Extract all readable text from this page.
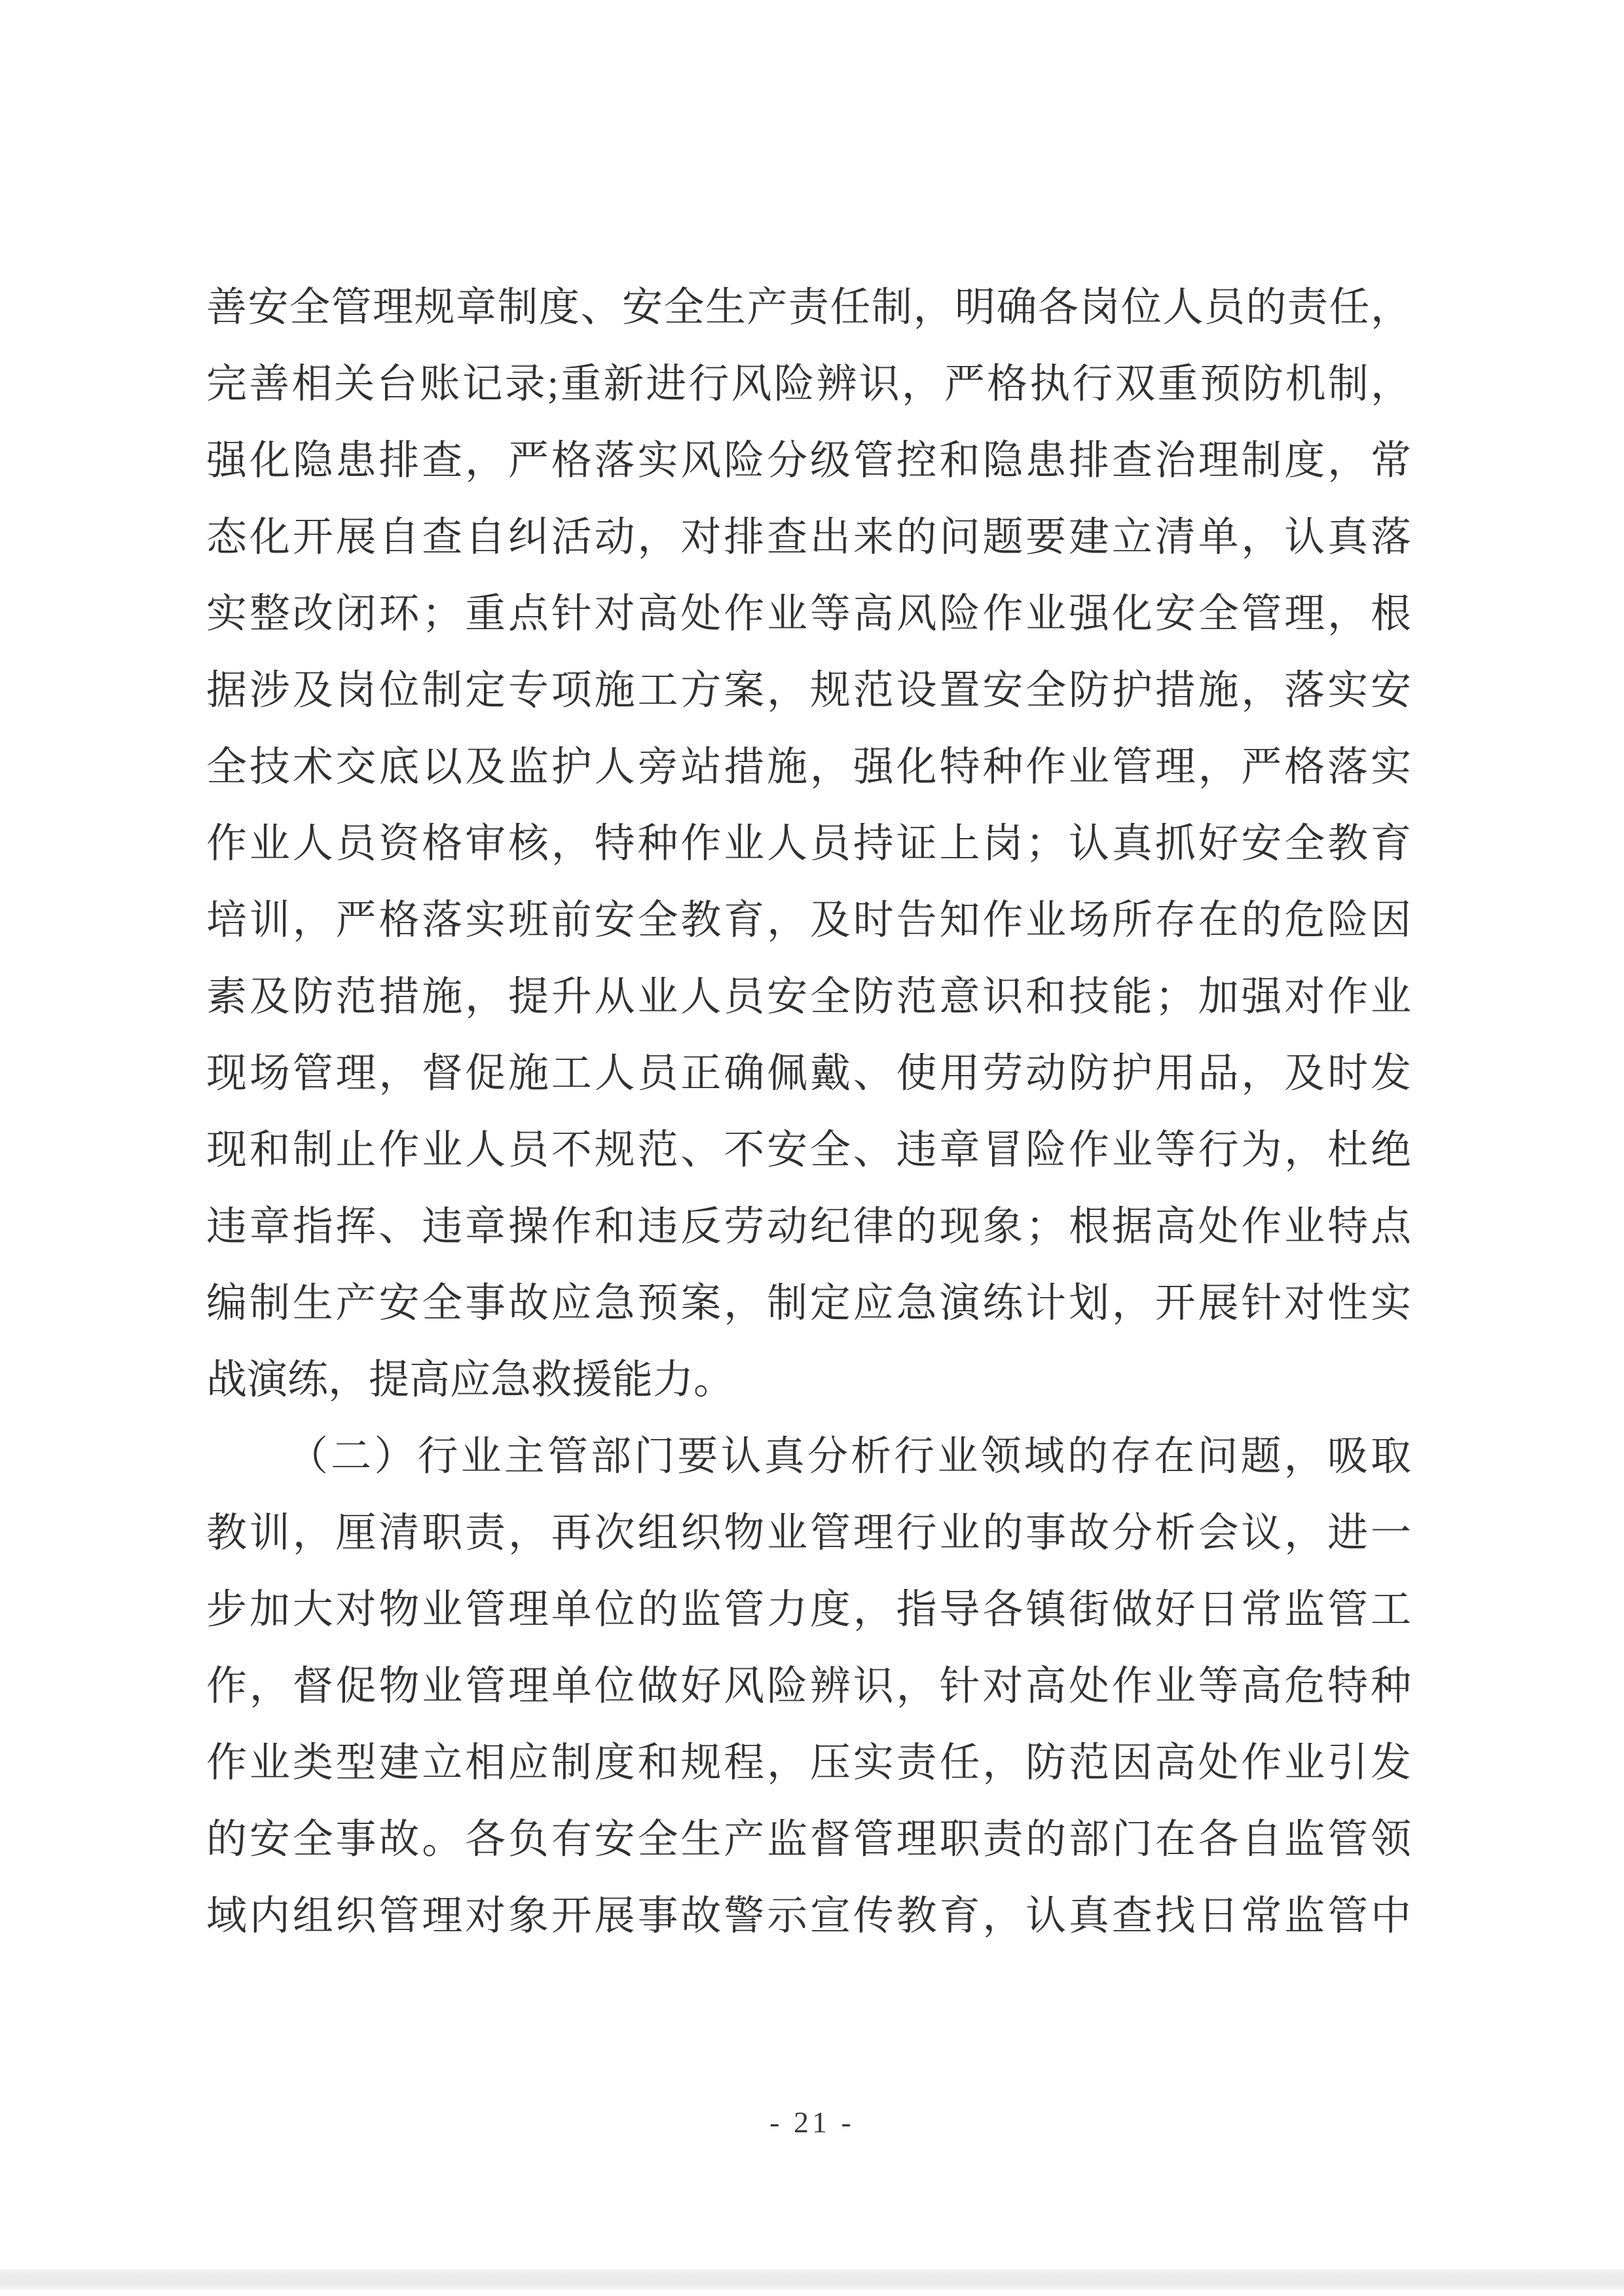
善安全管理规章制度、安全生产责任制，明确各岗位人员的责任，
完善相关台账记录;重新进行风险辨识，严格执行双重预防机制，
强化隐患排查，严格落实风险分级管控和隐患排查治理制度，常
态化开展自查自纠活动，对排查出来的问题要建立清单，认真落
实整改闭环；重点针对高处作业等高风险作业强化安全管理，根
据涉及岗位制定专项施工方案，规范设置安全防护措施，落实安
全技术交底以及监护人旁站措施，强化特种作业管理，严格落实
作业人员资格审核，特种作业人员持证上岗；认真抓好安全教育
培训，严格落实班前安全教育，及时告知作业场所存在的危险因
素及防范措施，提升从业人员安全防范意识和技能；加强对作业
现场管理，督促施工人员正确佩戴、使用劳动防护用品，及时发
现和制止作业人员不规范、不安全、违章冒险作业等行为，杜绝
违章指挥、违章操作和违反劳动纪律的现象；根据高处作业特点
编制生产安全事故应急预案，制定应急演练计划，开展针对性实
战演练，提高应急救援能力。
（二）行业主管部门要认真分析行业领域的存在问题，吸取
教训，厘清职责，再次组织物业管理行业的事故分析会议，进一
步加大对物业管理单位的监管力度，指导各镇街做好日常监管工
作，督促物业管理单位做好风险辨识，针对高处作业等高危特种
作业类型建立相应制度和规程，压实责任，防范因高处作业引发
的安全事故。各负有安全生产监督管理职责的部门在各自监管领
域内组织管理对象开展事故警示宣传教育，认真查找日常监管中
- 21 -
